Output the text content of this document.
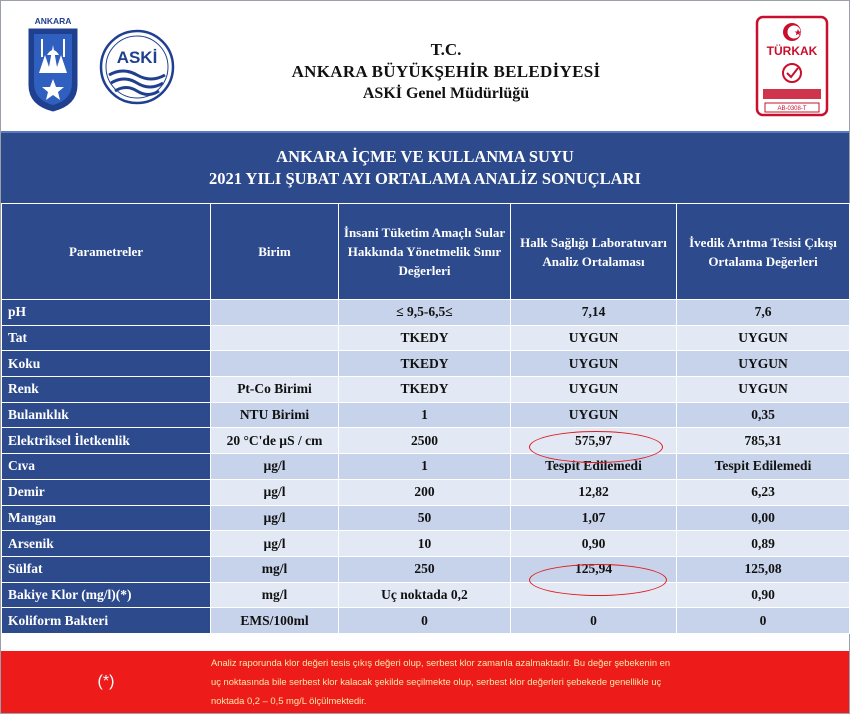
ANKARA
ASKİ	T.C.
ANKARA BÜYÜKŞEHİR BELEDİYESİ
ASKİ Genel Müdürlüğü
TÜRKAK
AB-0308-T
ANKARA İÇME VE KULLANMA SUYU
2021 YILI ŞUBAT AYI ORTALAMA ANALİZ SONUÇLARI
Parametreler	Birim	İnsani Tüketim Amaçlı Sular Hakkında Yönetmelik Sınır Değerleri	Halk Sağlığı Laboratuvarı Analiz Ortalaması	İvedik Arıtma Tesisi Çıkışı Ortalama Değerleri
pH		≤ 9,5-6,5≤	7,14	7,6
Tat		TKEDY	UYGUN	UYGUN
Koku		TKEDY	UYGUN	UYGUN
Renk	Pt-Co Birimi	TKEDY	UYGUN	UYGUN
Bulanıklık	NTU Birimi	1	UYGUN	0,35
Elektriksel İletkenlik	20 °C'de µS / cm	2500	575,97	785,31
Cıva	µg/l	1	Tespit Edilemedi	Tespit Edilemedi
Demir	µg/l	200	12,82	6,23
Mangan	µg/l	50	1,07	0,00
Arsenik	µg/l	10	0,90	0,89
Sülfat	mg/l	250	125,94	125,08
Bakiye Klor (mg/l)(*)	mg/l	Uç noktada 0,2		0,90
Koliform Bakteri	EMS/100ml	0	0	0
(*)
Analiz raporunda klor değeri tesis çıkış değeri olup, serbest klor zamanla azalmaktadır. Bu değer şebekenin en
uç noktasında bile serbest klor kalacak şekilde seçilmekte olup, serbest klor değerleri şebekede genellikle uç
noktada 0,2 – 0,5 mg/L ölçülmektedir.
